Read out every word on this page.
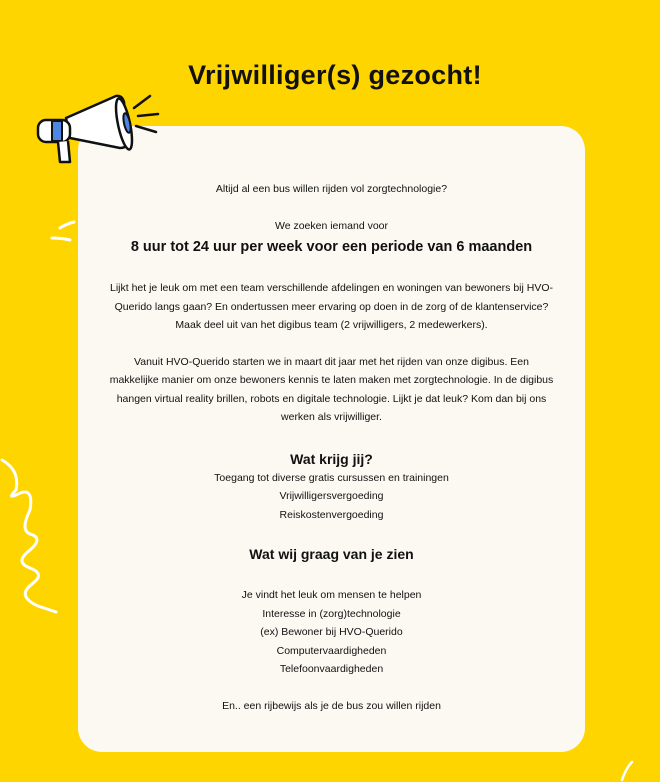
Vrijwilliger(s) gezocht!

Altijd al een bus willen rijden vol zorgtechnologie?

We zoeken iemand voor

8 uur tot 24 uur per week voor een periode van 6 maanden

Lijkt het je leuk om met een team verschillende afdelingen en woningen van bewoners bij HVO-

Querido langs gaan? En ondertussen meer ervaring op doen in de zorg of de klantenservice?

Maak deel uit van het digibus team (2 vrijwilligers, 2 medewerkers).

Vanuit HVO-Querido starten we in maart dit jaar met het rijden van onze digibus. Een

makkelijke manier om onze bewoners kennis te laten maken met zorgtechnologie. In de digibus

hangen virtual reality brillen, robots en digitale technologie. Lijkt je dat leuk? Kom dan bij ons

werken als vrijwilliger.

Wat krijg jij?

Toegang tot diverse gratis cursussen en trainingen

Vrijwilligersvergoeding

Reiskostenvergoeding

Wat wij graag van je zien

Je vindt het leuk om mensen te helpen

Interesse in (zorg)technologie

(ex) Bewoner bij HVO-Querido

Computervaardigheden

Telefoonvaardigheden

En.. een rijbewijs als je de bus zou willen rijden
